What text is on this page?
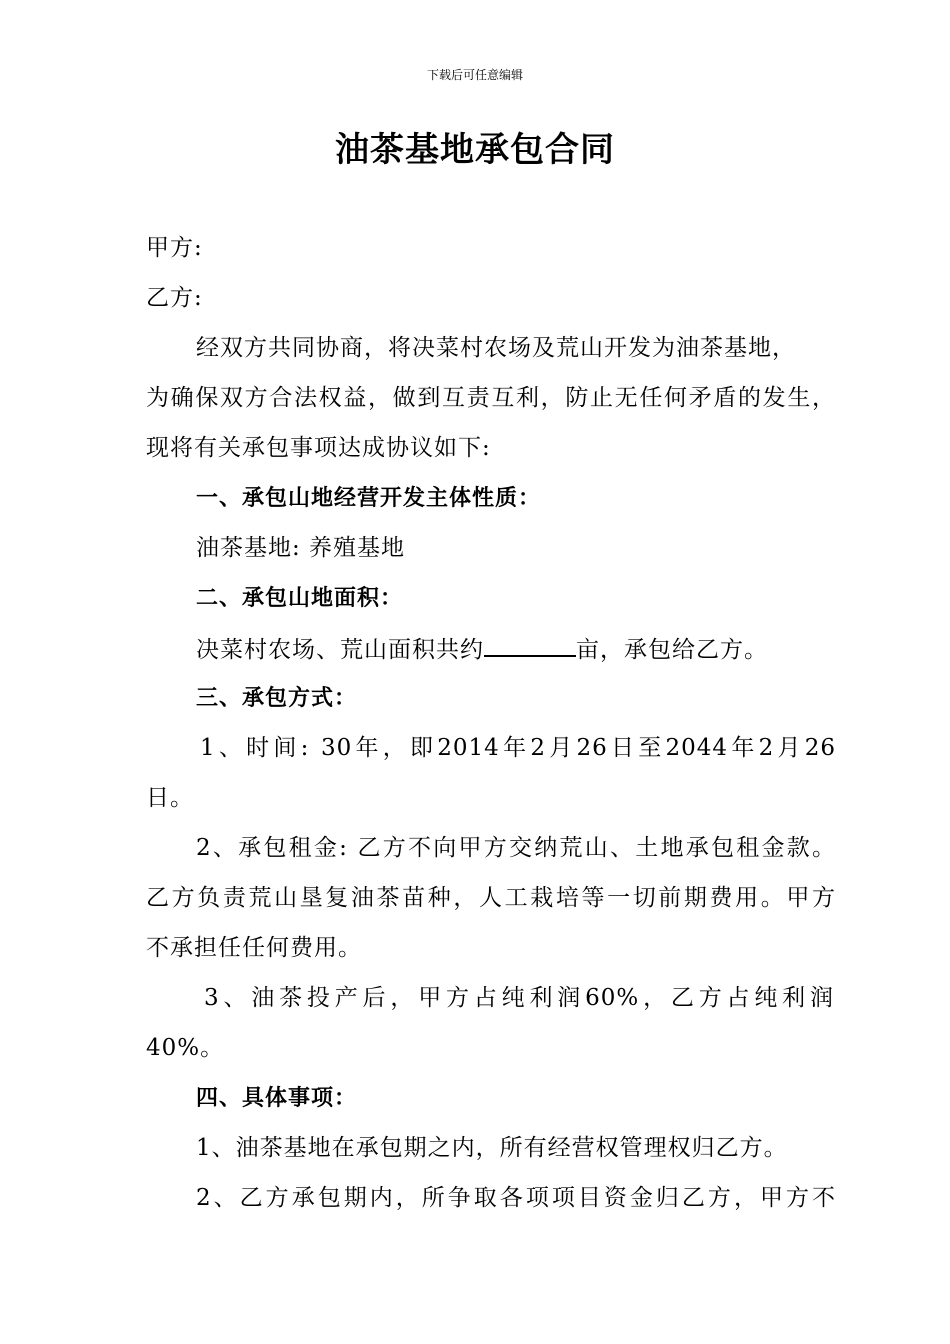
下载后可任意编辑
油茶基地承包合同
甲方:
乙方:
经双方共同协商，将决菜村农场及荒山开发为油茶基地，
为确保双方合法权益，做到互责互利，防止无任何矛盾的发生，
现将有关承包事项达成协议如下:
一、承包山地经营开发主体性质：
油茶基地: 养殖基地
二、承包山地面积：
决菜村农场、荒山面积共约	亩，承包给乙方。
三、承包方式：
1、时间: 30年，即2014年2月26日至2044年2月26
日。
2、承包租金: 乙方不向甲方交纳荒山、土地承包租金款。
乙方负责荒山垦复油茶苗种，人工栽培等一切前期费用。甲方
不承担任任何费用。
3、油茶投产后，甲方占纯利润60%，乙方占纯利润
40%。
四、具体事项：
1、油茶基地在承包期之内，所有经营权管理权归乙方。
2、乙方承包期内，所争取各项项目资金归乙方，甲方不
